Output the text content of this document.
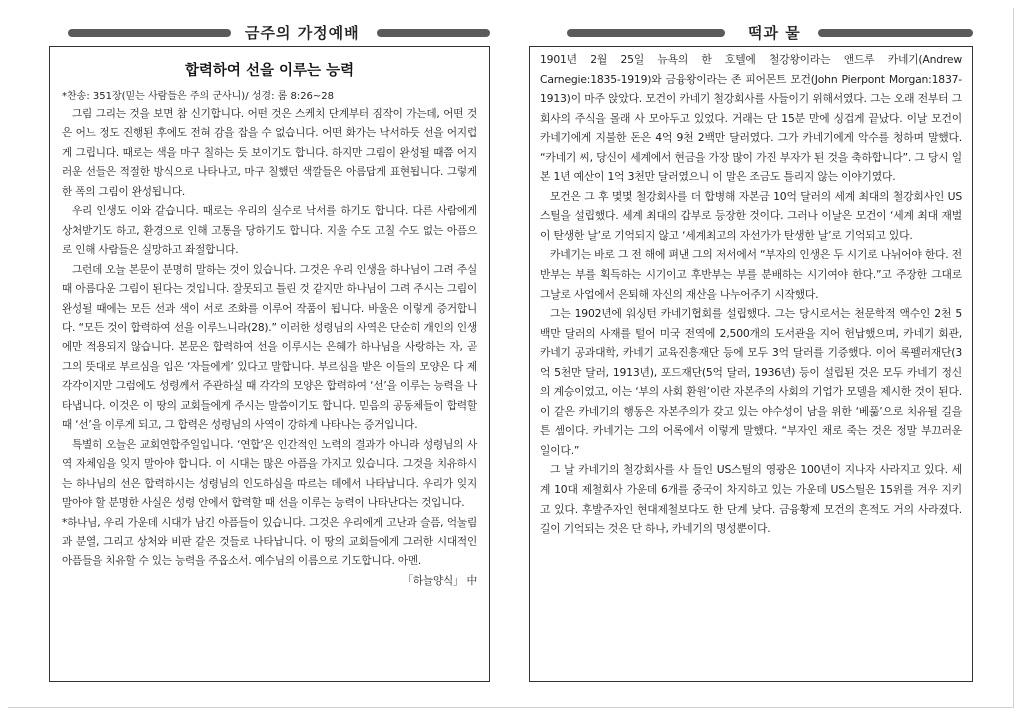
금주의 가정예배	떡과 물
합력하여 선을 이루는 능력
*찬송: 351장(믿는 사람들은 주의 군사니)/ 성경: 롬 8:26~28

그림 그리는 것을 보면 참 신기합니다. 어떤 것은 스케치 단계부터 짐작이 가는데, 어떤 것은 어느 정도 진행된 후에도 전혀 감을 잡을 수 없습니다. 어떤 화가는 낙서하듯 선을 어지럽게 그립니다. 때로는 색을 마구 칠하는 듯 보이기도 합니다. 하지만 그림이 완성될 때쯤 어지러운 선들은 적절한 방식으로 나타나고, 마구 칠했던 색깔들은 아름답게 표현됩니다. 그렇게 한 폭의 그림이 완성됩니다.

우리 인생도 이와 같습니다. 때로는 우리의 실수로 낙서를 하기도 합니다. 다른 사람에게 상처받기도 하고, 환경으로 인해 고통을 당하기도 합니다. 지울 수도 고칠 수도 없는 아픔으로 인해 사람들은 실망하고 좌절합니다.

그런데 오늘 본문이 분명히 말하는 것이 있습니다. 그것은 우리 인생을 하나님이 그려 주실 때 아름다운 그림이 된다는 것입니다. 잘못되고 틀린 것 같지만 하나님이 그려 주시는 그림이 완성될 때에는 모든 선과 색이 서로 조화를 이루어 작품이 됩니다. 바울은 이렇게 증거합니다. “모든 것이 합력하여 선을 이루느니라(28).” 이러한 성령님의 사역은 단순히 개인의 인생에만 적용되지 않습니다. 본문은 합력하여 선을 이루시는 은혜가 하나님을 사랑하는 자, 곧 그의 뜻대로 부르심을 입은 ‘자들에게’ 있다고 말합니다. 부르심을 받은 이들의 모양은 다 제각각이지만 그럼에도 성령께서 주관하실 때 각각의 모양은 합력하여 ‘선’을 이루는 능력을 나타냅니다. 이것은 이 땅의 교회들에게 주시는 말씀이기도 합니다. 믿음의 공동체들이 합력할 때 ‘선’을 이루게 되고, 그 합력은 성령님의 사역이 강하게 나타나는 증거입니다.

특별히 오늘은 교회연합주일입니다. ‘연합’은 인간적인 노력의 결과가 아니라 성령님의 사역 자체임을 잊지 말아야 합니다. 이 시대는 많은 아픔을 가지고 있습니다. 그것을 치유하시는 하나님의 선은 합력하시는 성령님의 인도하심을 따르는 데에서 나타납니다. 우리가 잊지 말아야 할 분명한 사실은 성령 안에서 합력할 때 선을 이루는 능력이 나타난다는 것입니다.

*하나님, 우리 가운데 시대가 남긴 아픔들이 있습니다. 그것은 우리에게 고난과 슬픔, 억눌림과 분열, 그리고 상처와 비판 같은 것들로 나타납니다. 이 땅의 교회들에게 그러한 시대적인 아픔들을 치유할 수 있는 능력을 주옵소서. 예수님의 이름으로 기도합니다. 아멘.
「하늘양식」 中

1901년 2월 25일 뉴욕의 한 호텔에 철강왕이라는 앤드루 카네기(Andrew Carnegie:1835-1919)와 금융왕이라는 존 피어몬트 모건(John Pierpont Morgan:1837-1913)이 마주 앉았다. 모건이 카네기 철강회사를 사들이기 위해서였다. 그는 오래 전부터 그 회사의 주식을 몰래 사 모아두고 있었다. 거래는 단 15분 만에 싱겁게 끝났다. 이날 모건이 카네기에게 지불한 돈은 4억 9천 2백만 달러였다. 그가 카네기에게 악수를 청하며 말했다. “카네기 씨, 당신이 세계에서 현금을 가장 많이 가진 부자가 된 것을 축하합니다”. 그 당시 일본 1년 예산이 1억 3천만 달러였으니 이 말은 조금도 틀리지 않는 이야기였다.

모건은 그 후 몇몇 철강회사를 더 합병해 자본금 10억 달러의 세계 최대의 철강회사인 US스틸을 설립했다. 세계 최대의 갑부로 등장한 것이다. 그러나 이날은 모건이 ‘세계 최대 재벌이 탄생한 날’로 기억되지 않고 ‘세계최고의 자선가가 탄생한 날’로 기억되고 있다.

카네기는 바로 그 전 해에 펴낸 그의 저서에서 “부자의 인생은 두 시기로 나뉘어야 한다. 전반부는 부를 획득하는 시기이고 후반부는 부를 분배하는 시기여야 한다.”고 주장한 그대로 그날로 사업에서 은퇴해 자신의 재산을 나누어주기 시작했다.

그는 1902년에 워싱턴 카네기협회를 설립했다. 그는 당시로서는 천문학적 액수인 2천 5백만 달러의 사재를 털어 미국 전역에 2,500개의 도서관을 지어 헌납했으며, 카네기 회관, 카네기 공과대학, 카네기 교육진흥재단 등에 모두 3억 달러를 기증했다. 이어 록펠러재단(3억 5천만 달러, 1913년), 포드재단(5억 달러, 1936년) 등이 설립된 것은 모두 카네기 정신의 계승이었고, 이는 ‘부의 사회 환원’이란 자본주의 사회의 기업가 모델을 제시한 것이 된다. 이 같은 카네기의 행동은 자본주의가 갖고 있는 야수성이 남을 위한 ‘베풂’으로 치유될 길을 튼 셈이다. 카네기는 그의 어록에서 이렇게 말했다. “부자인 채로 죽는 것은 정말 부끄러운 일이다.”

그 날 카네기의 철강회사를 사 들인 US스틸의 영광은 100년이 지나자 사라지고 있다. 세계 10대 제철회사 가운데 6개를 중국이 차지하고 있는 가운데 US스틸은 15위를 겨우 지키고 있다. 후발주자인 현대제철보다도 한 단계 낮다. 금융황제 모건의 흔적도 거의 사라졌다. 길이 기억되는 것은 단 하나, 카네기의 명성뿐이다.
